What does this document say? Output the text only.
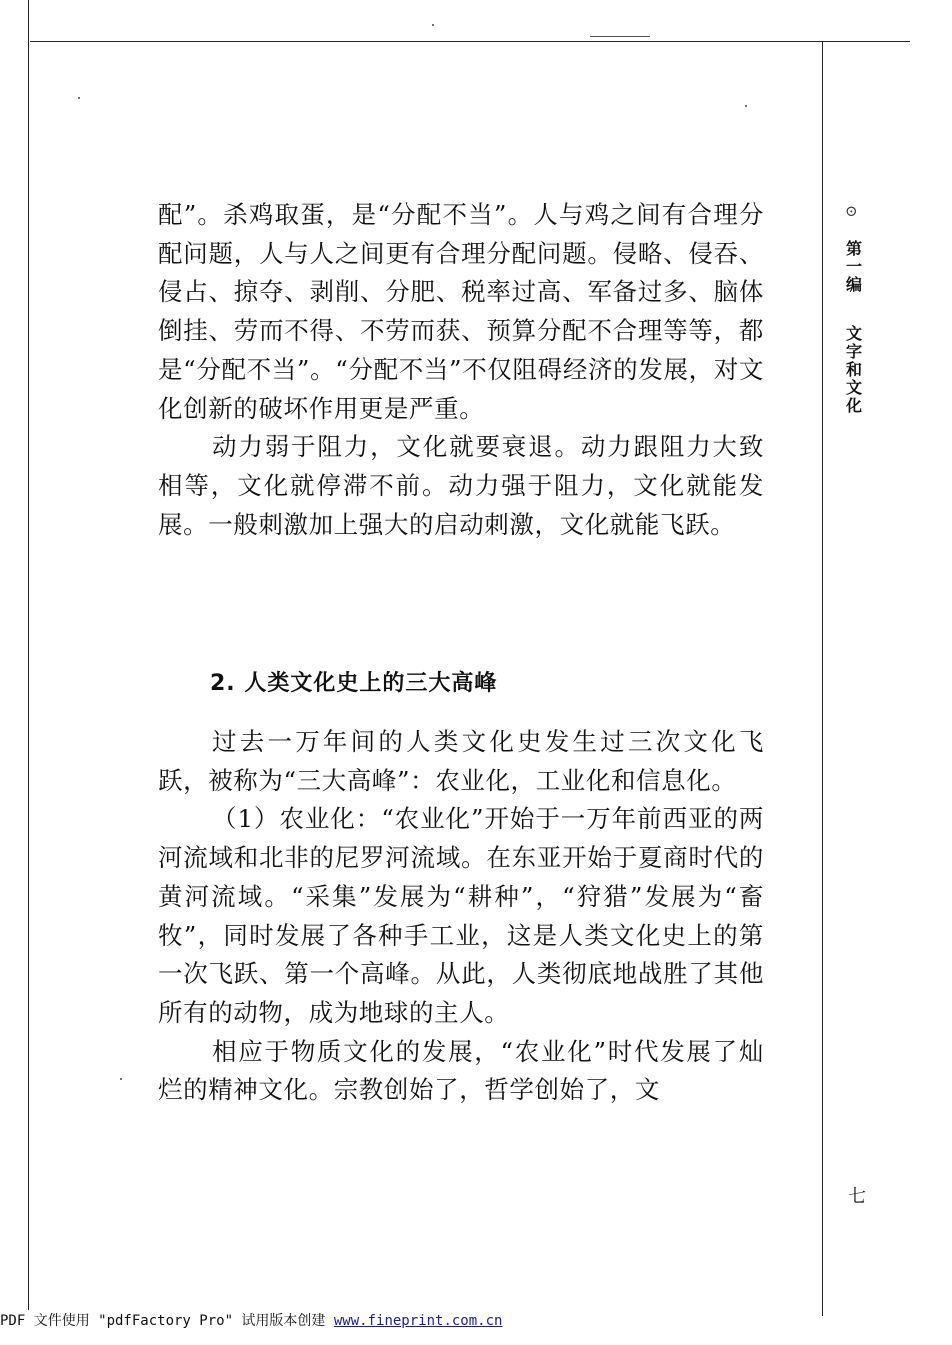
配”。杀鸡取蛋，是“分配不当”。人与鸡之间有合理分配问题，人与人之间更有合理分配问题。侵略、侵吞、侵占、掠夺、剥削、分肥、税率过高、军备过多、脑体倒挂、劳而不得、不劳而获、预算分配不合理等等，都是“分配不当”。“分配不当”不仅阻碍经济的发展，对文化创新的破坏作用更是严重。

动力弱于阻力，文化就要衰退。动力跟阻力大致相等，文化就停滞不前。动力强于阻力，文化就能发展。一般刺激加上强大的启动刺激，文化就能飞跃。

2. 人类文化史上的三大高峰

过去一万年间的人类文化史发生过三次文化飞跃，被称为“三大高峰”：农业化，工业化和信息化。

（1）农业化：“农业化”开始于一万年前西亚的两河流域和北非的尼罗河流域。在东亚开始于夏商时代的黄河流域。“采集”发展为“耕种”，“狩猎”发展为“畜牧”，同时发展了各种手工业，这是人类文化史上的第一次飞跃、第一个高峰。从此，人类彻底地战胜了其他所有的动物，成为地球的主人。

相应于物质文化的发展，“农业化”时代发展了灿烂的精神文化。宗教创始了，哲学创始了，文

⊙
第一编
文字和文化
七
PDF 文件使用 "pdfFactory Pro" 试用版本创建 www.fineprint.com.cn
